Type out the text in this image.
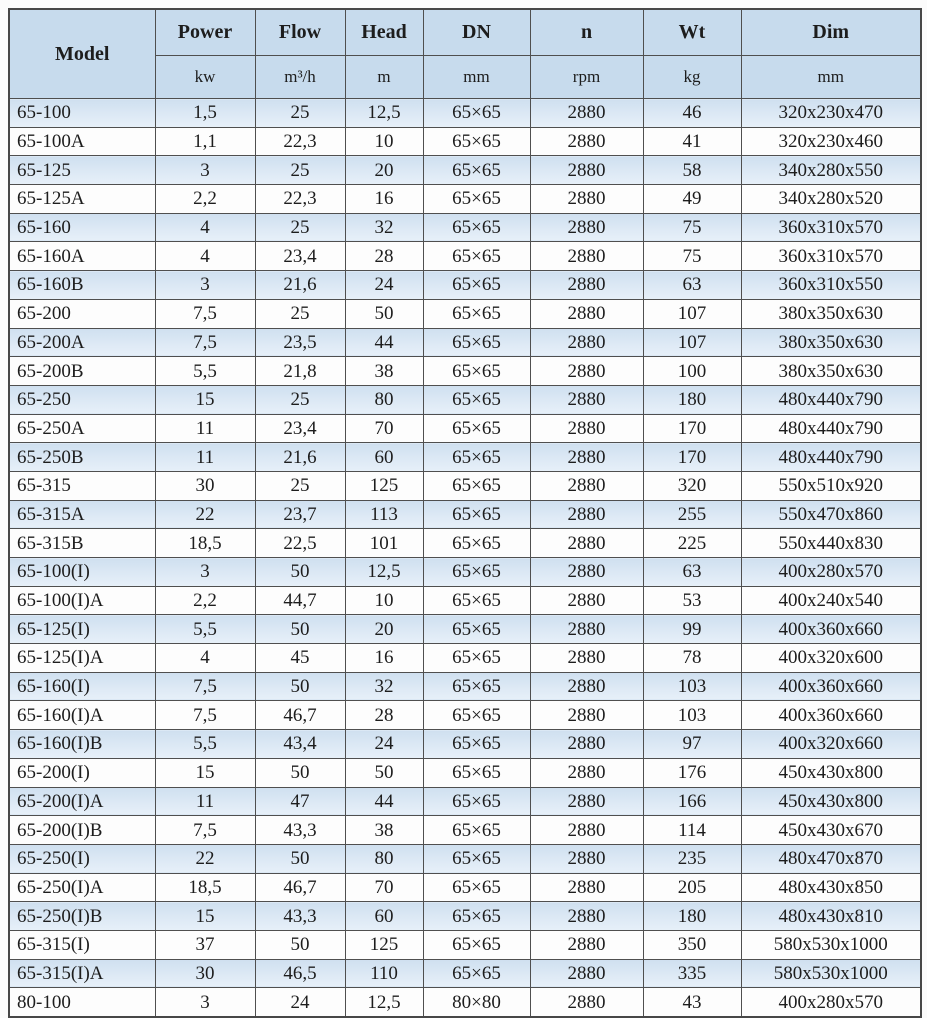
Model	Power	Flow	Head	DN	n	Wt	Dim
	kw	m³/h	m	mm	rpm	kg	mm
65-100	1,5	25	12,5	65×65	2880	46	320x230x470
65-100A	1,1	22,3	10	65×65	2880	41	320x230x460
65-125	3	25	20	65×65	2880	58	340x280x550
65-125A	2,2	22,3	16	65×65	2880	49	340x280x520
65-160	4	25	32	65×65	2880	75	360x310x570
65-160A	4	23,4	28	65×65	2880	75	360x310x570
65-160B	3	21,6	24	65×65	2880	63	360x310x550
65-200	7,5	25	50	65×65	2880	107	380x350x630
65-200A	7,5	23,5	44	65×65	2880	107	380x350x630
65-200B	5,5	21,8	38	65×65	2880	100	380x350x630
65-250	15	25	80	65×65	2880	180	480x440x790
65-250A	11	23,4	70	65×65	2880	170	480x440x790
65-250B	11	21,6	60	65×65	2880	170	480x440x790
65-315	30	25	125	65×65	2880	320	550x510x920
65-315A	22	23,7	113	65×65	2880	255	550x470x860
65-315B	18,5	22,5	101	65×65	2880	225	550x440x830
65-100(I)	3	50	12,5	65×65	2880	63	400x280x570
65-100(I)A	2,2	44,7	10	65×65	2880	53	400x240x540
65-125(I)	5,5	50	20	65×65	2880	99	400x360x660
65-125(I)A	4	45	16	65×65	2880	78	400x320x600
65-160(I)	7,5	50	32	65×65	2880	103	400x360x660
65-160(I)A	7,5	46,7	28	65×65	2880	103	400x360x660
65-160(I)B	5,5	43,4	24	65×65	2880	97	400x320x660
65-200(I)	15	50	50	65×65	2880	176	450x430x800
65-200(I)A	11	47	44	65×65	2880	166	450x430x800
65-200(I)B	7,5	43,3	38	65×65	2880	114	450x430x670
65-250(I)	22	50	80	65×65	2880	235	480x470x870
65-250(I)A	18,5	46,7	70	65×65	2880	205	480x430x850
65-250(I)B	15	43,3	60	65×65	2880	180	480x430x810
65-315(I)	37	50	125	65×65	2880	350	580x530x1000
65-315(I)A	30	46,5	110	65×65	2880	335	580x530x1000
80-100	3	24	12,5	80×80	2880	43	400x280x570
